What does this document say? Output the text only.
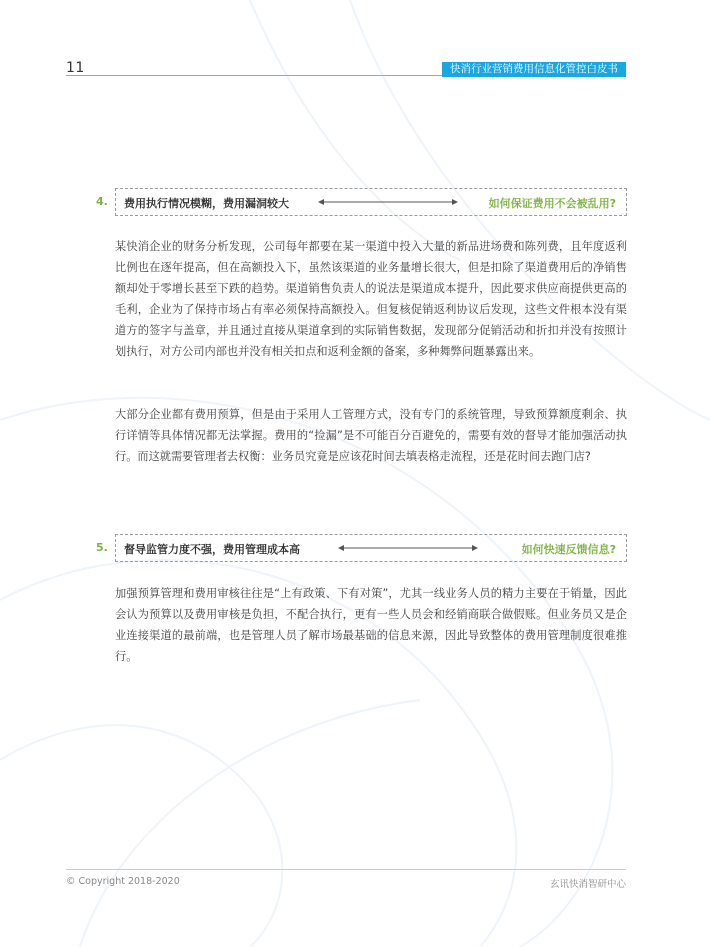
11	快消行业营销费用信息化管控白皮书
4. 费用执行情况模糊，费用漏洞较大	如何保证费用不会被乱用?

某快消企业的财务分析发现，公司每年都要在某一渠道中投入大量的新品进场费和陈列费，且年度返利比例也在逐年提高，但在高额投入下，虽然该渠道的业务量增长很大，但是扣除了渠道费用后的净销售额却处于零增长甚至下跌的趋势。渠道销售负责人的说法是渠道成本提升，因此要求供应商提供更高的毛利，企业为了保持市场占有率必须保持高额投入。但复核促销返利协议后发现，这些文件根本没有渠道方的签字与盖章，并且通过直接从渠道拿到的实际销售数据，发现部分促销活动和折扣并没有按照计划执行，对方公司内部也并没有相关扣点和返利金额的备案，多种舞弊问题暴露出来。

大部分企业都有费用预算，但是由于采用人工管理方式，没有专门的系统管理，导致预算额度剩余、执行详情等具体情况都无法掌握。费用的“捡漏”是不可能百分百避免的，需要有效的督导才能加强活动执行。而这就需要管理者去权衡：业务员究竟是应该花时间去填表格走流程，还是花时间去跑门店?

5. 督导监管力度不强，费用管理成本高	如何快速反馈信息?

加强预算管理和费用审核往往是“上有政策、下有对策”，尤其一线业务人员的精力主要在于销量，因此会认为预算以及费用审核是负担，不配合执行，更有一些人员会和经销商联合做假账。但业务员又是企业连接渠道的最前端，也是管理人员了解市场最基础的信息来源，因此导致整体的费用管理制度很难推行。

© Copyright 2018-2020	玄讯快消智研中心
